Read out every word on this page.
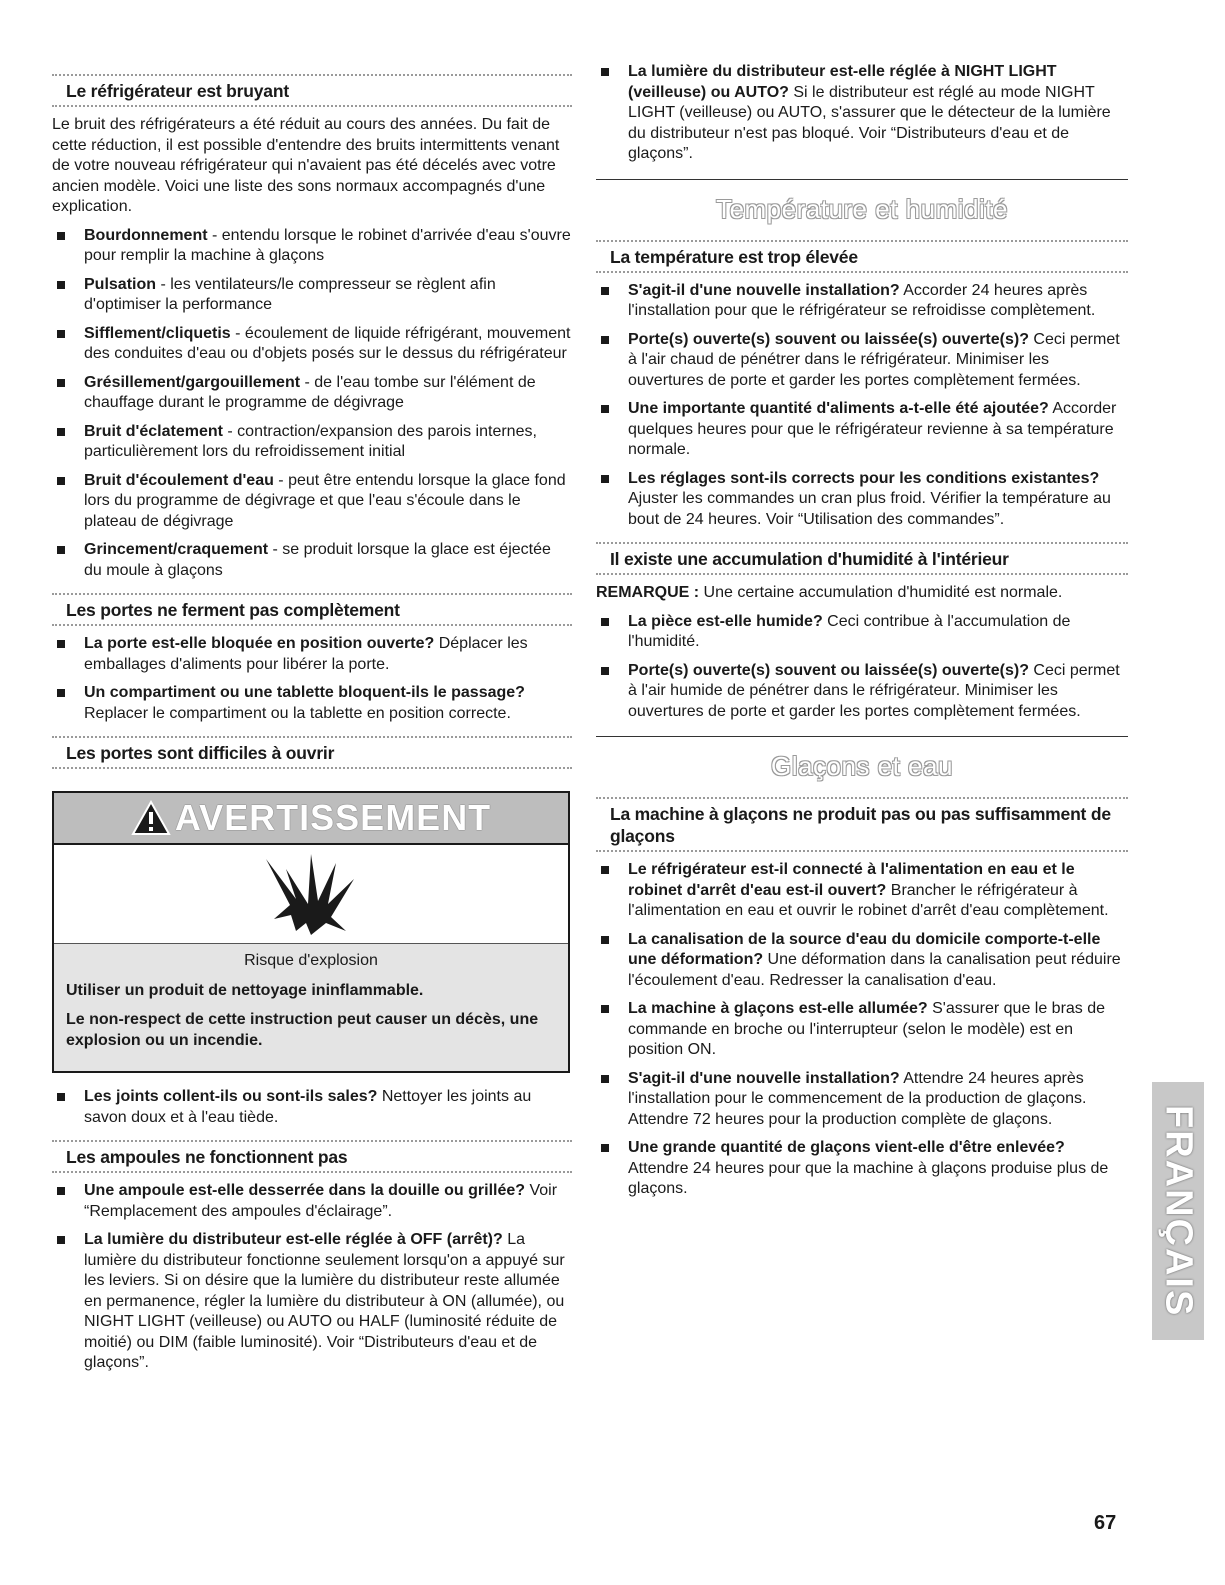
Le réfrigérateur est bruyant

Le bruit des réfrigérateurs a été réduit au cours des années. Du fait de cette réduction, il est possible d'entendre des bruits intermittents venant de votre nouveau réfrigérateur qui n'avaient pas été décelés avec votre ancien modèle. Voici une liste des sons normaux accompagnés d'une explication.

Bourdonnement - entendu lorsque le robinet d'arrivée d'eau s'ouvre pour remplir la machine à glaçons
Pulsation - les ventilateurs/le compresseur se règlent afin d'optimiser la performance
Sifflement/cliquetis - écoulement de liquide réfrigérant, mouvement des conduites d'eau ou d'objets posés sur le dessus du réfrigérateur
Grésillement/gargouillement - de l'eau tombe sur l'élément de chauffage durant le programme de dégivrage
Bruit d'éclatement - contraction/expansion des parois internes, particulièrement lors du refroidissement initial
Bruit d'écoulement d'eau - peut être entendu lorsque la glace fond lors du programme de dégivrage et que l'eau s'écoule dans le plateau de dégivrage
Grincement/craquement - se produit lorsque la glace est éjectée du moule à glaçons
Les portes ne ferment pas complètement
La porte est-elle bloquée en position ouverte? Déplacer les emballages d'aliments pour libérer la porte.
Un compartiment ou une tablette bloquent-ils le passage? Replacer le compartiment ou la tablette en position correcte.
Les portes sont difficiles à ouvrir
AVERTISSEMENT
Risque d'explosion
Utiliser un produit de nettoyage ininflammable.
Le non-respect de cette instruction peut causer un décès, une explosion ou un incendie.
Les joints collent-ils ou sont-ils sales? Nettoyer les joints au savon doux et à l'eau tiède.
Les ampoules ne fonctionnent pas
Une ampoule est-elle desserrée dans la douille ou grillée? Voir “Remplacement des ampoules d'éclairage”.
La lumière du distributeur est-elle réglée à OFF (arrêt)? La lumière du distributeur fonctionne seulement lorsqu'on a appuyé sur les leviers. Si on désire que la lumière du distributeur reste allumée en permanence, régler la lumière du distributeur à ON (allumée), ou NIGHT LIGHT (veilleuse) ou AUTO ou HALF (luminosité réduite de moitié) ou DIM (faible luminosité). Voir “Distributeurs d'eau et de glaçons”.
La lumière du distributeur est-elle réglée à NIGHT LIGHT (veilleuse) ou AUTO? Si le distributeur est réglé au mode NIGHT LIGHT (veilleuse) ou AUTO, s'assurer que le détecteur de la lumière du distributeur n'est pas bloqué. Voir “Distributeurs d'eau et de glaçons”.
Température et humidité
La température est trop élevée
S'agit-il d'une nouvelle installation? Accorder 24 heures après l'installation pour que le réfrigérateur se refroidisse complètement.
Porte(s) ouverte(s) souvent ou laissée(s) ouverte(s)? Ceci permet à l'air chaud de pénétrer dans le réfrigérateur. Minimiser les ouvertures de porte et garder les portes complètement fermées.
Une importante quantité d'aliments a-t-elle été ajoutée? Accorder quelques heures pour que le réfrigérateur revienne à sa température normale.
Les réglages sont-ils corrects pour les conditions existantes? Ajuster les commandes un cran plus froid. Vérifier la température au bout de 24 heures. Voir “Utilisation des commandes”.
Il existe une accumulation d'humidité à l'intérieur

REMARQUE : Une certaine accumulation d'humidité est normale.

La pièce est-elle humide? Ceci contribue à l'accumulation de l'humidité.
Porte(s) ouverte(s) souvent ou laissée(s) ouverte(s)? Ceci permet à l'air humide de pénétrer dans le réfrigérateur. Minimiser les ouvertures de porte et garder les portes complètement fermées.
Glaçons et eau
La machine à glaçons ne produit pas ou pas suffisamment de glaçons
Le réfrigérateur est-il connecté à l'alimentation en eau et le robinet d'arrêt d'eau est-il ouvert? Brancher le réfrigérateur à l'alimentation en eau et ouvrir le robinet d'arrêt d'eau complètement.
La canalisation de la source d'eau du domicile comporte-t-elle une déformation? Une déformation dans la canalisation peut réduire l'écoulement d'eau. Redresser la canalisation d'eau.
La machine à glaçons est-elle allumée? S'assurer que le bras de commande en broche ou l'interrupteur (selon le modèle) est en position ON.
S'agit-il d'une nouvelle installation? Attendre 24 heures après l'installation pour le commencement de la production de glaçons. Attendre 72 heures pour la production complète de glaçons.
Une grande quantité de glaçons vient-elle d'être enlevée? Attendre 24 heures pour que la machine à glaçons produise plus de glaçons.	FRANÇAIS
67
